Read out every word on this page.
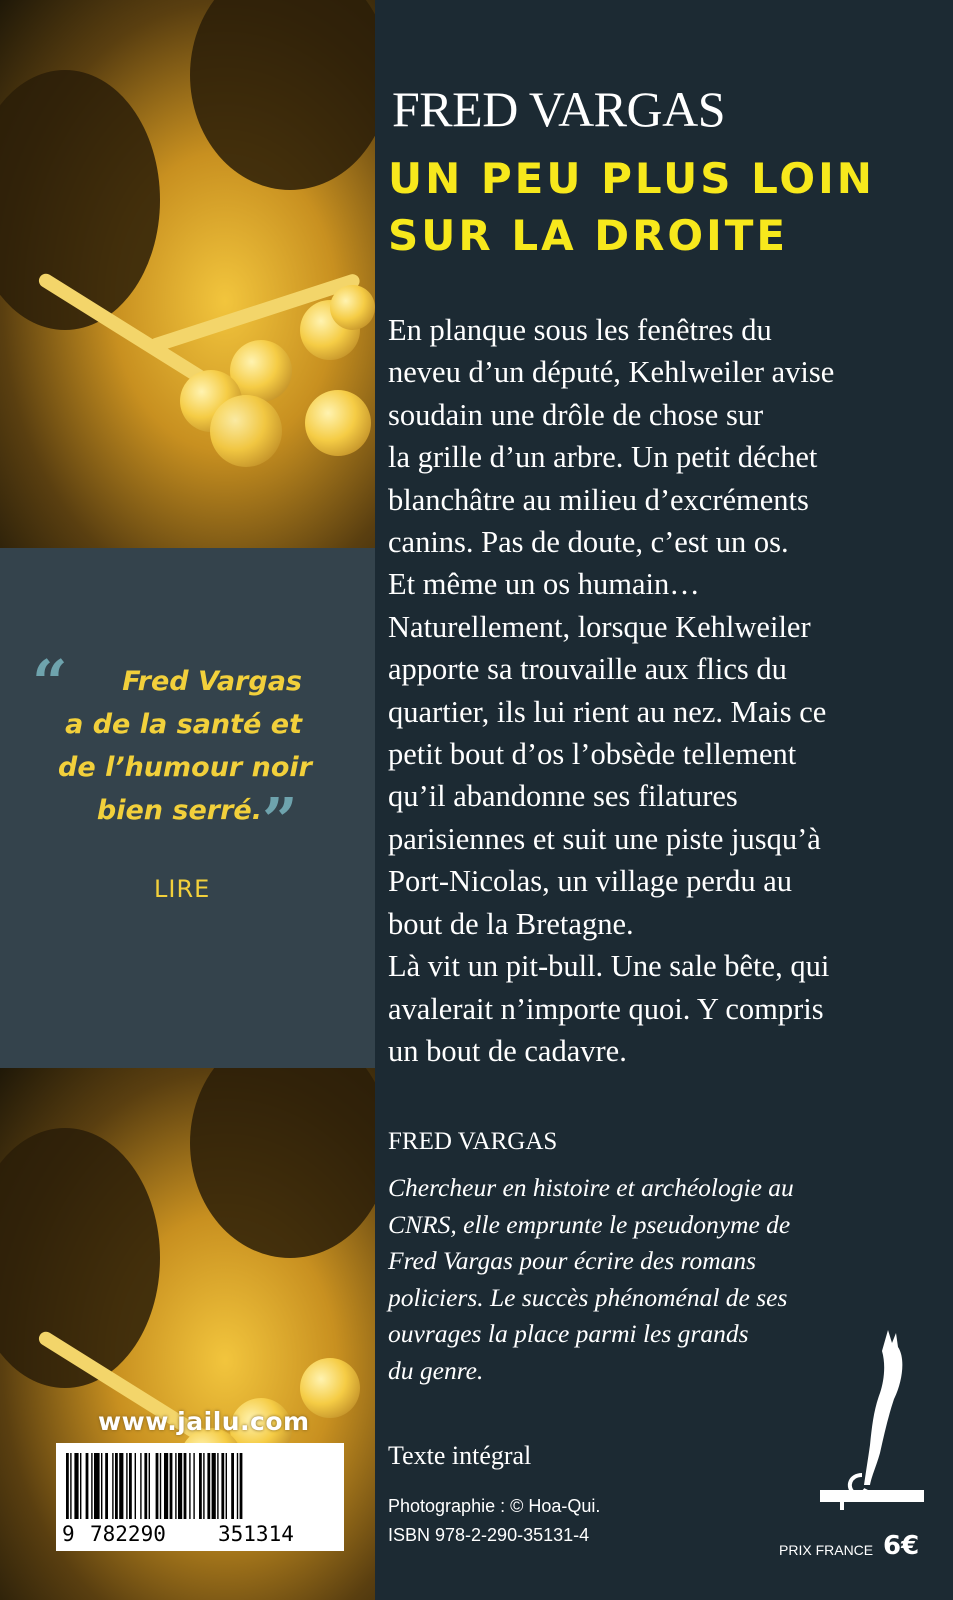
“	Fred Vargas
a de la santé et
de l’humour noir
bien serré. ”
LIRE
www.jailu.com
9 782290 351314
FRED VARGAS
UN PEU PLUS LOIN
SUR LA DROITE
En planque sous les fenêtres du
neveu d’un député, Kehlweiler avise
soudain une drôle de chose sur
la grille d’un arbre. Un petit déchet
blanchâtre au milieu d’excréments
canins. Pas de doute, c’est un os.
Et même un os humain…
Naturellement, lorsque Kehlweiler
apporte sa trouvaille aux flics du
quartier, ils lui rient au nez. Mais ce
petit bout d’os l’obsède tellement
qu’il abandonne ses filatures
parisiennes et suit une piste jusqu’à
Port-Nicolas, un village perdu au
bout de la Bretagne.
Là vit un pit-bull. Une sale bête, qui
avalerait n’importe quoi. Y compris
un bout de cadavre.
FRED VARGAS
Chercheur en histoire et archéologie au
CNRS, elle emprunte le pseudonyme de
Fred Vargas pour écrire des romans
policiers. Le succès phénoménal de ses
ouvrages la place parmi les grands
du genre.
Texte intégral
Photographie : © Hoa-Qui.
ISBN 978-2-290-35131-4
PRIX FRANCE 6€
